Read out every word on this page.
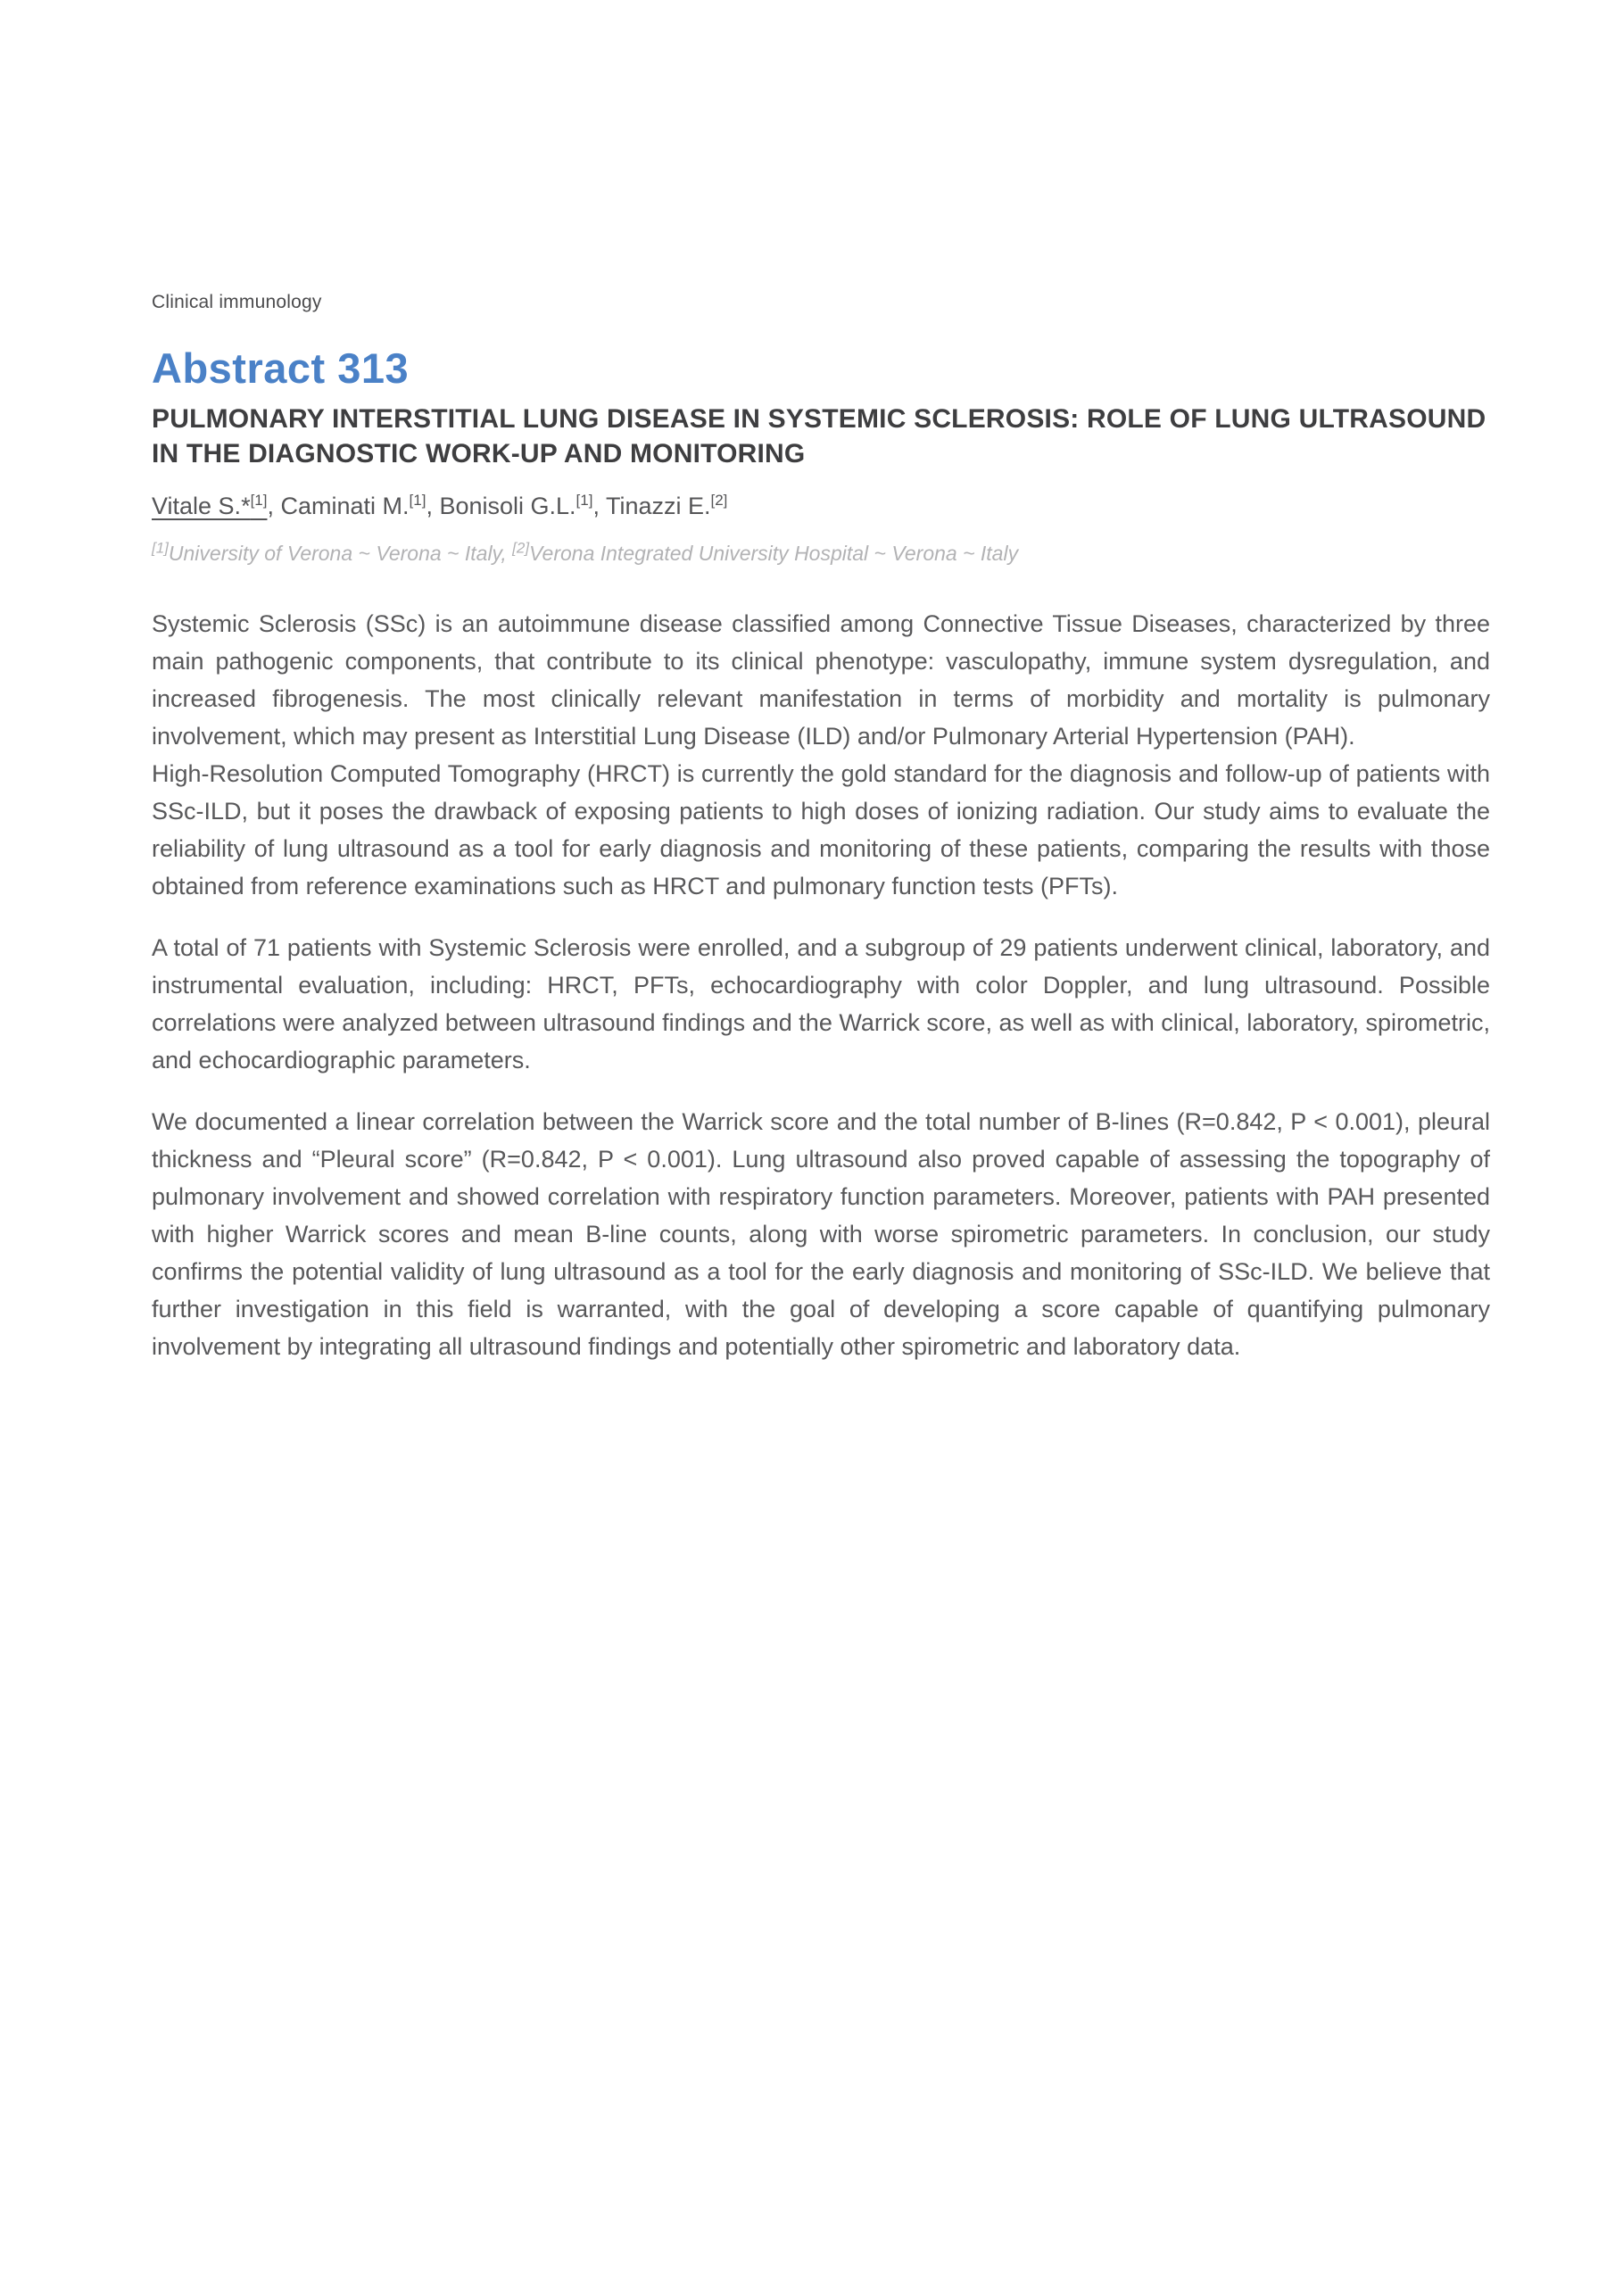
Clinical immunology
Abstract 313
PULMONARY INTERSTITIAL LUNG DISEASE IN SYSTEMIC SCLEROSIS: ROLE OF LUNG ULTRASOUND IN THE DIAGNOSTIC WORK-UP AND MONITORING
Vitale S.*[1], Caminati M.[1], Bonisoli G.L.[1], Tinazzi E.[2]
[1]University of Verona ~ Verona ~ Italy, [2]Verona Integrated University Hospital ~ Verona ~ Italy

Systemic Sclerosis (SSc) is an autoimmune disease classified among Connective Tissue Diseases, characterized by three main pathogenic components, that contribute to its clinical phenotype: vasculopathy, immune system dysregulation, and increased fibrogenesis. The most clinically relevant manifestation in terms of morbidity and mortality is pulmonary involvement, which may present as Interstitial Lung Disease (ILD) and/or Pulmonary Arterial Hypertension (PAH).

High-Resolution Computed Tomography (HRCT) is currently the gold standard for the diagnosis and follow-up of patients with SSc-ILD, but it poses the drawback of exposing patients to high doses of ionizing radiation. Our study aims to evaluate the reliability of lung ultrasound as a tool for early diagnosis and monitoring of these patients, comparing the results with those obtained from reference examinations such as HRCT and pulmonary function tests (PFTs).

A total of 71 patients with Systemic Sclerosis were enrolled, and a subgroup of 29 patients underwent clinical, laboratory, and instrumental evaluation, including: HRCT, PFTs, echocardiography with color Doppler, and lung ultrasound. Possible correlations were analyzed between ultrasound findings and the Warrick score, as well as with clinical, laboratory, spirometric, and echocardiographic parameters.

We documented a linear correlation between the Warrick score and the total number of B-lines (R=0.842, P < 0.001), pleural thickness and “Pleural score” (R=0.842, P < 0.001). Lung ultrasound also proved capable of assessing the topography of pulmonary involvement and showed correlation with respiratory function parameters. Moreover, patients with PAH presented with higher Warrick scores and mean B-line counts, along with worse spirometric parameters. In conclusion, our study confirms the potential validity of lung ultrasound as a tool for the early diagnosis and monitoring of SSc-ILD. We believe that further investigation in this field is warranted, with the goal of developing a score capable of quantifying pulmonary involvement by integrating all ultrasound findings and potentially other spirometric and laboratory data.
